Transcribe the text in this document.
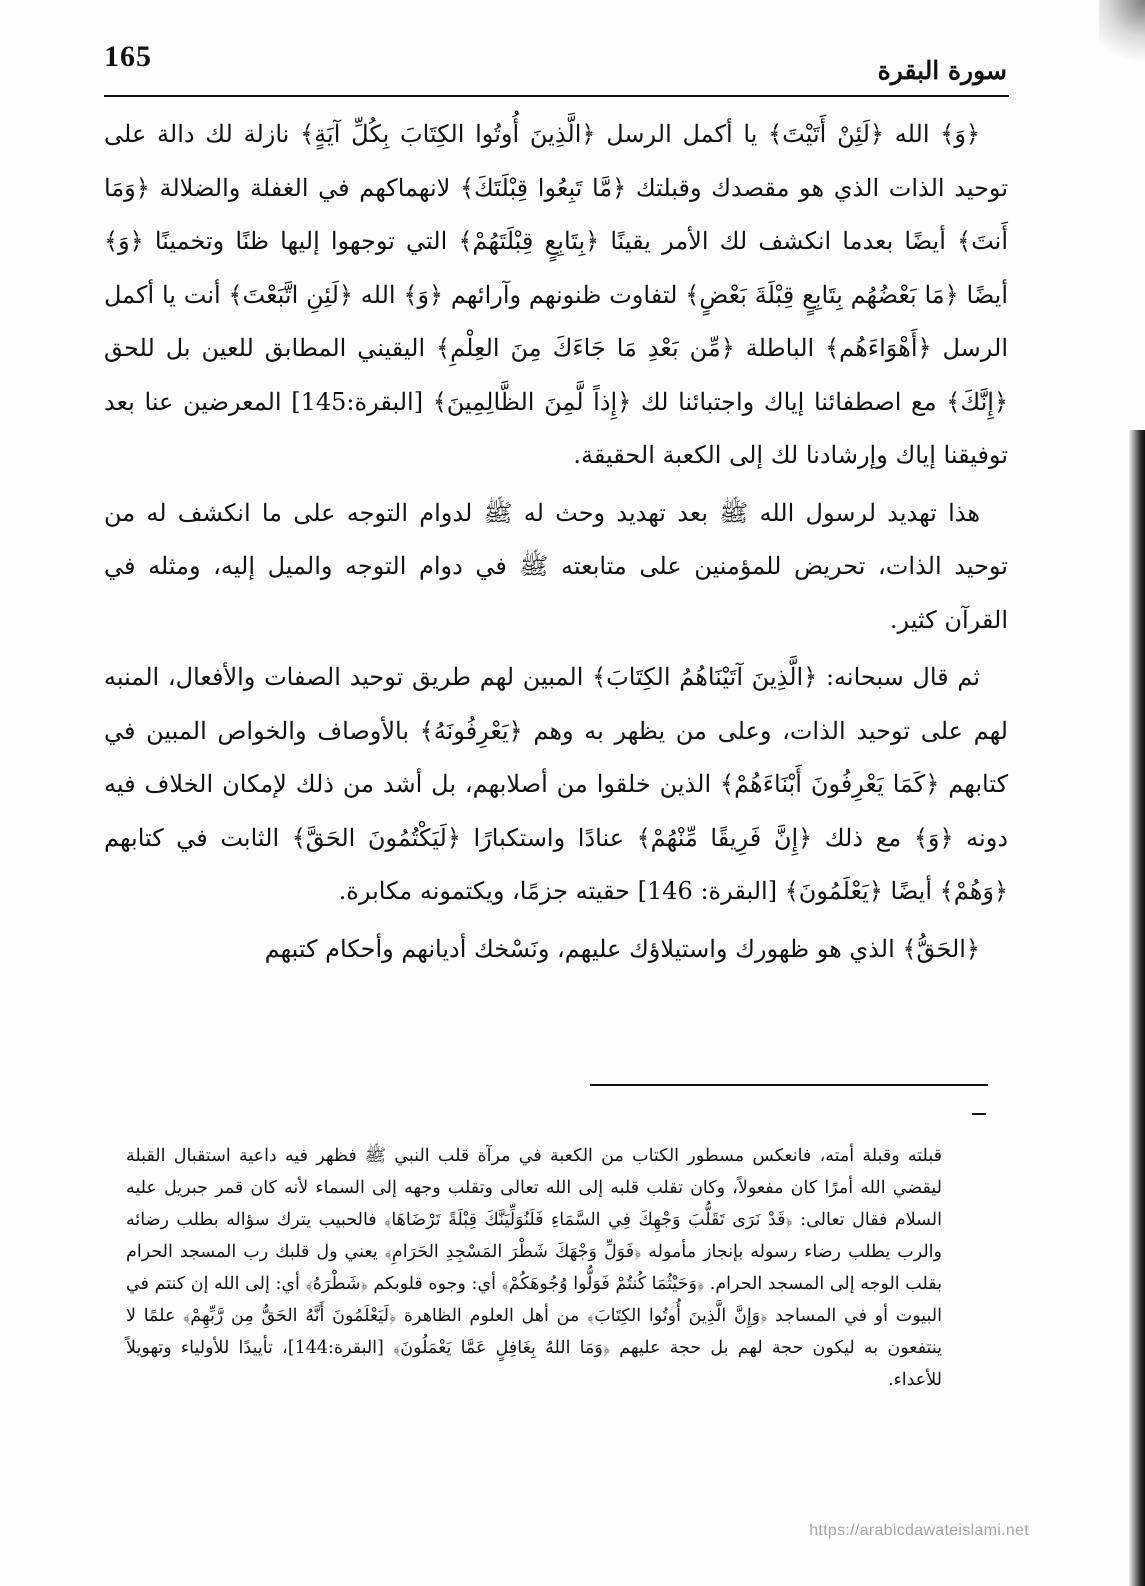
165	سورة البقرة

﴿وَ﴾ الله ﴿لَئِنْ أَتَيْتَ﴾ يا أكمل الرسل ﴿الَّذِينَ أُوتُوا الكِتَابَ بِكُلِّ آيَةٍ﴾ نازلة لك دالة على توحيد الذات الذي هو مقصدك وقبلتك ﴿مَّا تَبِعُوا قِبْلَتَكَ﴾ لانهماكهم في الغفلة والضلالة ﴿وَمَا أَنتَ﴾ أيضًا بعدما انكشف لك الأمر يقينًا ﴿بِتَابِعٍ قِبْلَتَهُمْ﴾ التي توجهوا إليها ظنًا وتخمينًا ﴿وَ﴾ أيضًا ﴿مَا بَعْضُهُم بِتَابِعٍ قِبْلَةَ بَعْضٍ﴾ لتفاوت ظنونهم وآرائهم ﴿وَ﴾ الله ﴿لَئِنِ اتَّبَعْتَ﴾ أنت يا أكمل الرسل ﴿أَهْوَاءَهُم﴾ الباطلة ﴿مِّن بَعْدِ مَا جَاءَكَ مِنَ العِلْمِ﴾ اليقيني المطابق للعين بل للحق ﴿إِنَّكَ﴾ مع اصطفائنا إياك واجتبائنا لك ﴿إِذاً لَّمِنَ الظَّالِمِينَ﴾ [البقرة:145] المعرضين عنا بعد توفيقنا إياك وإرشادنا لك إلى الكعبة الحقيقة.

هذا تهديد لرسول الله ﷺ بعد تهديد وحث له ﷺ لدوام التوجه على ما انكشف له من توحيد الذات، تحريض للمؤمنين على متابعته ﷺ في دوام التوجه والميل إليه، ومثله في القرآن كثير.

ثم قال سبحانه: ﴿الَّذِينَ آتَيْنَاهُمُ الكِتَابَ﴾ المبين لهم طريق توحيد الصفات والأفعال، المنبه لهم على توحيد الذات، وعلى من يظهر به وهم ﴿يَعْرِفُونَهُ﴾ بالأوصاف والخواص المبين في كتابهم ﴿كَمَا يَعْرِفُونَ أَبْنَاءَهُمْ﴾ الذين خلقوا من أصلابهم، بل أشد من ذلك لإمكان الخلاف فيه دونه ﴿وَ﴾ مع ذلك ﴿إِنَّ فَرِيقًا مِّنْهُمْ﴾ عنادًا واستكبارًا ﴿لَيَكْتُمُونَ الحَقَّ﴾ الثابت في كتابهم ﴿وَهُمْ﴾ أيضًا ﴿يَعْلَمُونَ﴾ [البقرة: 146] حقيته جزمًا، ويكتمونه مكابرة.

﴿الحَقُّ﴾ الذي هو ظهورك واستيلاؤك عليهم، ونَسْخك أديانهم وأحكام كتبهم

قبلته وقبلة أمته، فانعكس مسطور الكتاب من الكعبة في مرآة قلب النبي ﷺ فظهر فيه داعية استقبال القبلة ليقضي الله أمرًا كان مفعولاً، وكان تقلب قلبه إلى الله تعالى وتقلب وجهه إلى السماء لأنه كان قمر جبريل عليه السلام فقال تعالى: ﴿قَدْ نَرَى تَقَلُّبَ وَجْهِكَ فِي السَّمَاءِ فَلَنُوَلِّيَنَّكَ قِبْلَةً تَرْضَاهَا﴾ فالحبيب يترك سؤاله بطلب رضائه والرب يطلب رضاء رسوله بإنجاز مأموله ﴿فَوَلِّ وَجْهَكَ شَطْرَ المَسْجِدِ الحَرَامِ﴾ يعني ول قلبك رب المسجد الحرام بقلب الوجه إلى المسجد الحرام. ﴿وَحَيْثُمَا كُنتُمْ فَوَلُّوا وُجُوهَكُمْ﴾ أي: وجوه قلوبكم ﴿شَطْرَهُ﴾ أي: إلى الله إن كنتم في البيوت أو في المساجد ﴿وَإِنَّ الَّذِينَ أُوتُوا الكِتَابَ﴾ من أهل العلوم الظاهرة ﴿لَيَعْلَمُونَ أَنَّهُ الحَقُّ مِن رَّبِّهِمْ﴾ علمًا لا ينتفعون به ليكون حجة لهم بل حجة عليهم ﴿وَمَا اللهُ بِغَافِلٍ عَمَّا يَعْمَلُونَ﴾ [البقرة:144]، تأييدًا للأولياء وتهويلاً للأعداء.

https://arabicdawateislami.net
